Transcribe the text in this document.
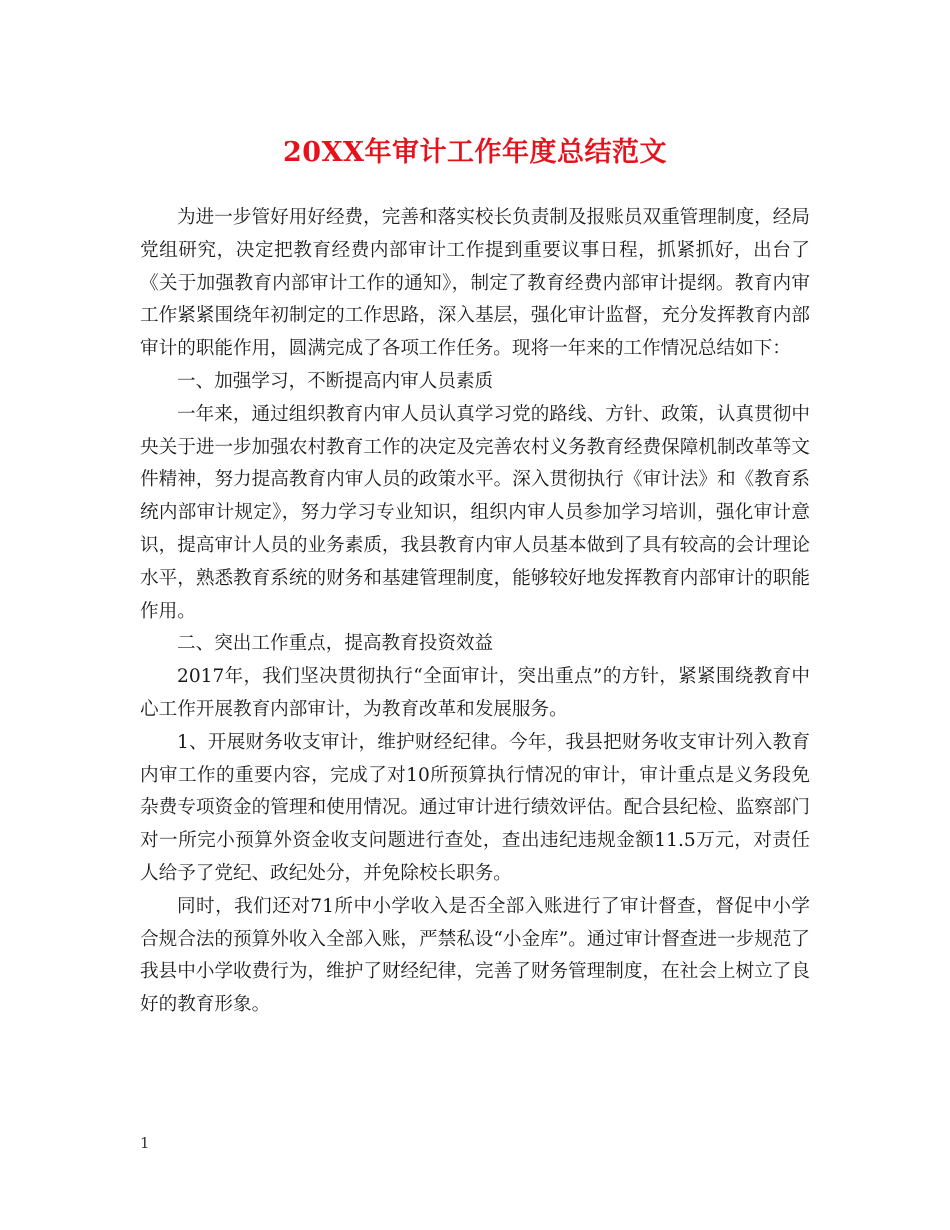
20XX年审计工作年度总结范文

为进一步管好用好经费，完善和落实校长负责制及报账员双重管理制度，经局党组研究，决定把教育经费内部审计工作提到重要议事日程，抓紧抓好，出台了《关于加强教育内部审计工作的通知》，制定了教育经费内部审计提纲。教育内审工作紧紧围绕年初制定的工作思路，深入基层，强化审计监督，充分发挥教育内部审计的职能作用，圆满完成了各项工作任务。现将一年来的工作情况总结如下：

一、加强学习，不断提高内审人员素质

一年来，通过组织教育内审人员认真学习党的路线、方针、政策，认真贯彻中央关于进一步加强农村教育工作的决定及完善农村义务教育经费保障机制改革等文件精神，努力提高教育内审人员的政策水平。深入贯彻执行《审计法》和《教育系统内部审计规定》，努力学习专业知识，组织内审人员参加学习培训，强化审计意识，提高审计人员的业务素质，我县教育内审人员基本做到了具有较高的会计理论水平，熟悉教育系统的财务和基建管理制度，能够较好地发挥教育内部审计的职能作用。

二、突出工作重点，提高教育投资效益

2017年，我们坚决贯彻执行“全面审计，突出重点”的方针，紧紧围绕教育中心工作开展教育内部审计，为教育改革和发展服务。

1、开展财务收支审计，维护财经纪律。今年，我县把财务收支审计列入教育内审工作的重要内容，完成了对10所预算执行情况的审计，审计重点是义务段免杂费专项资金的管理和使用情况。通过审计进行绩效评估。配合县纪检、监察部门对一所完小预算外资金收支问题进行查处，查出违纪违规金额11.5万元，对责任人给予了党纪、政纪处分，并免除校长职务。

同时，我们还对71所中小学收入是否全部入账进行了审计督查，督促中小学合规合法的预算外收入全部入账，严禁私设“小金库”。通过审计督查进一步规范了我县中小学收费行为，维护了财经纪律，完善了财务管理制度，在社会上树立了良好的教育形象。

1
